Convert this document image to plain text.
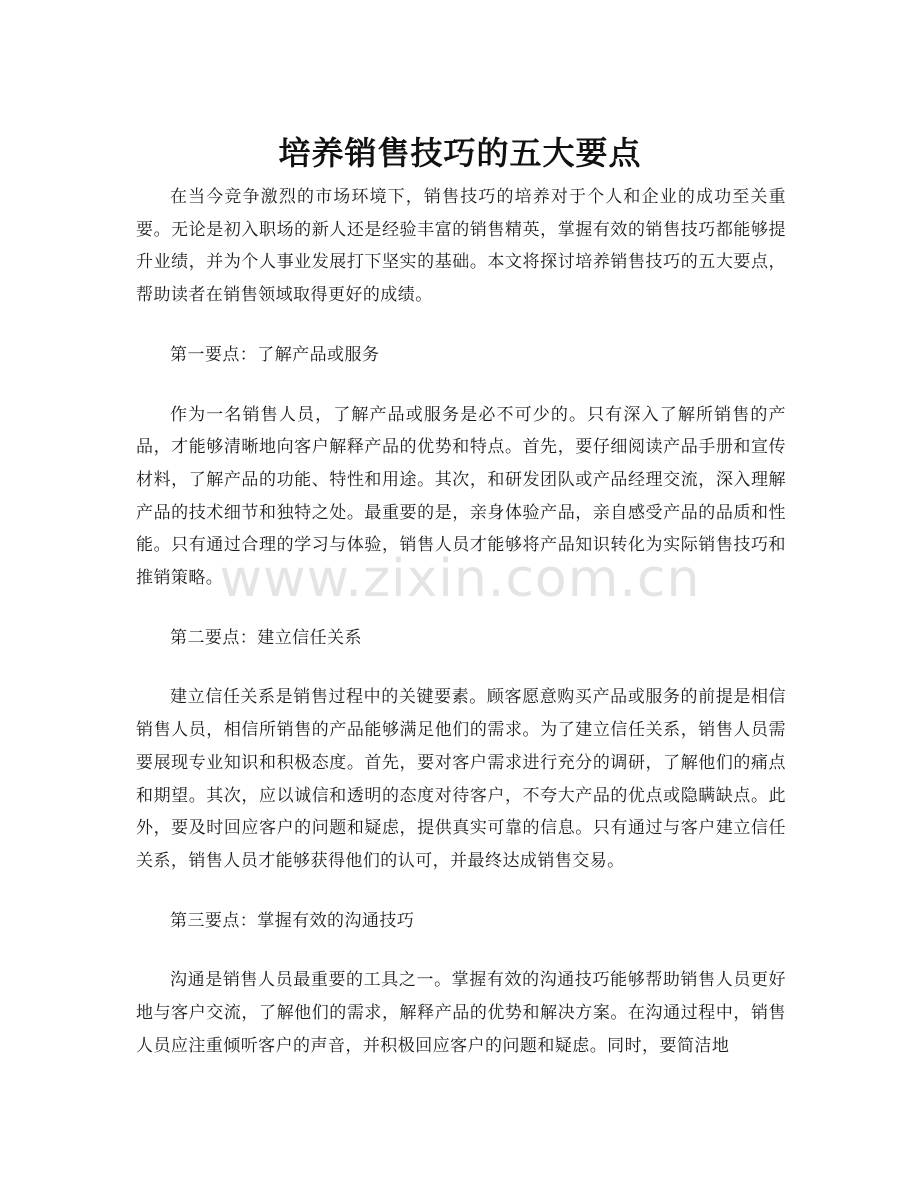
培养销售技巧的五大要点

在当今竞争激烈的市场环境下，销售技巧的培养对于个人和企业的成功至关重要。无论是初入职场的新人还是经验丰富的销售精英，掌握有效的销售技巧都能够提升业绩，并为个人事业发展打下坚实的基础。本文将探讨培养销售技巧的五大要点，帮助读者在销售领域取得更好的成绩。

第一要点：了解产品或服务

作为一名销售人员，了解产品或服务是必不可少的。只有深入了解所销售的产品，才能够清晰地向客户解释产品的优势和特点。首先，要仔细阅读产品手册和宣传材料，了解产品的功能、特性和用途。其次，和研发团队或产品经理交流，深入理解产品的技术细节和独特之处。最重要的是，亲身体验产品，亲自感受产品的品质和性能。只有通过合理的学习与体验，销售人员才能够将产品知识转化为实际销售技巧和推销策略。

第二要点：建立信任关系

建立信任关系是销售过程中的关键要素。顾客愿意购买产品或服务的前提是相信销售人员，相信所销售的产品能够满足他们的需求。为了建立信任关系，销售人员需要展现专业知识和积极态度。首先，要对客户需求进行充分的调研，了解他们的痛点和期望。其次，应以诚信和透明的态度对待客户，不夸大产品的优点或隐瞒缺点。此外，要及时回应客户的问题和疑虑，提供真实可靠的信息。只有通过与客户建立信任关系，销售人员才能够获得他们的认可，并最终达成销售交易。

第三要点：掌握有效的沟通技巧

沟通是销售人员最重要的工具之一。掌握有效的沟通技巧能够帮助销售人员更好地与客户交流，了解他们的需求，解释产品的优势和解决方案。在沟通过程中，销售人员应注重倾听客户的声音，并积极回应客户的问题和疑虑。同时，要简洁地

www.zixin.com.cn
